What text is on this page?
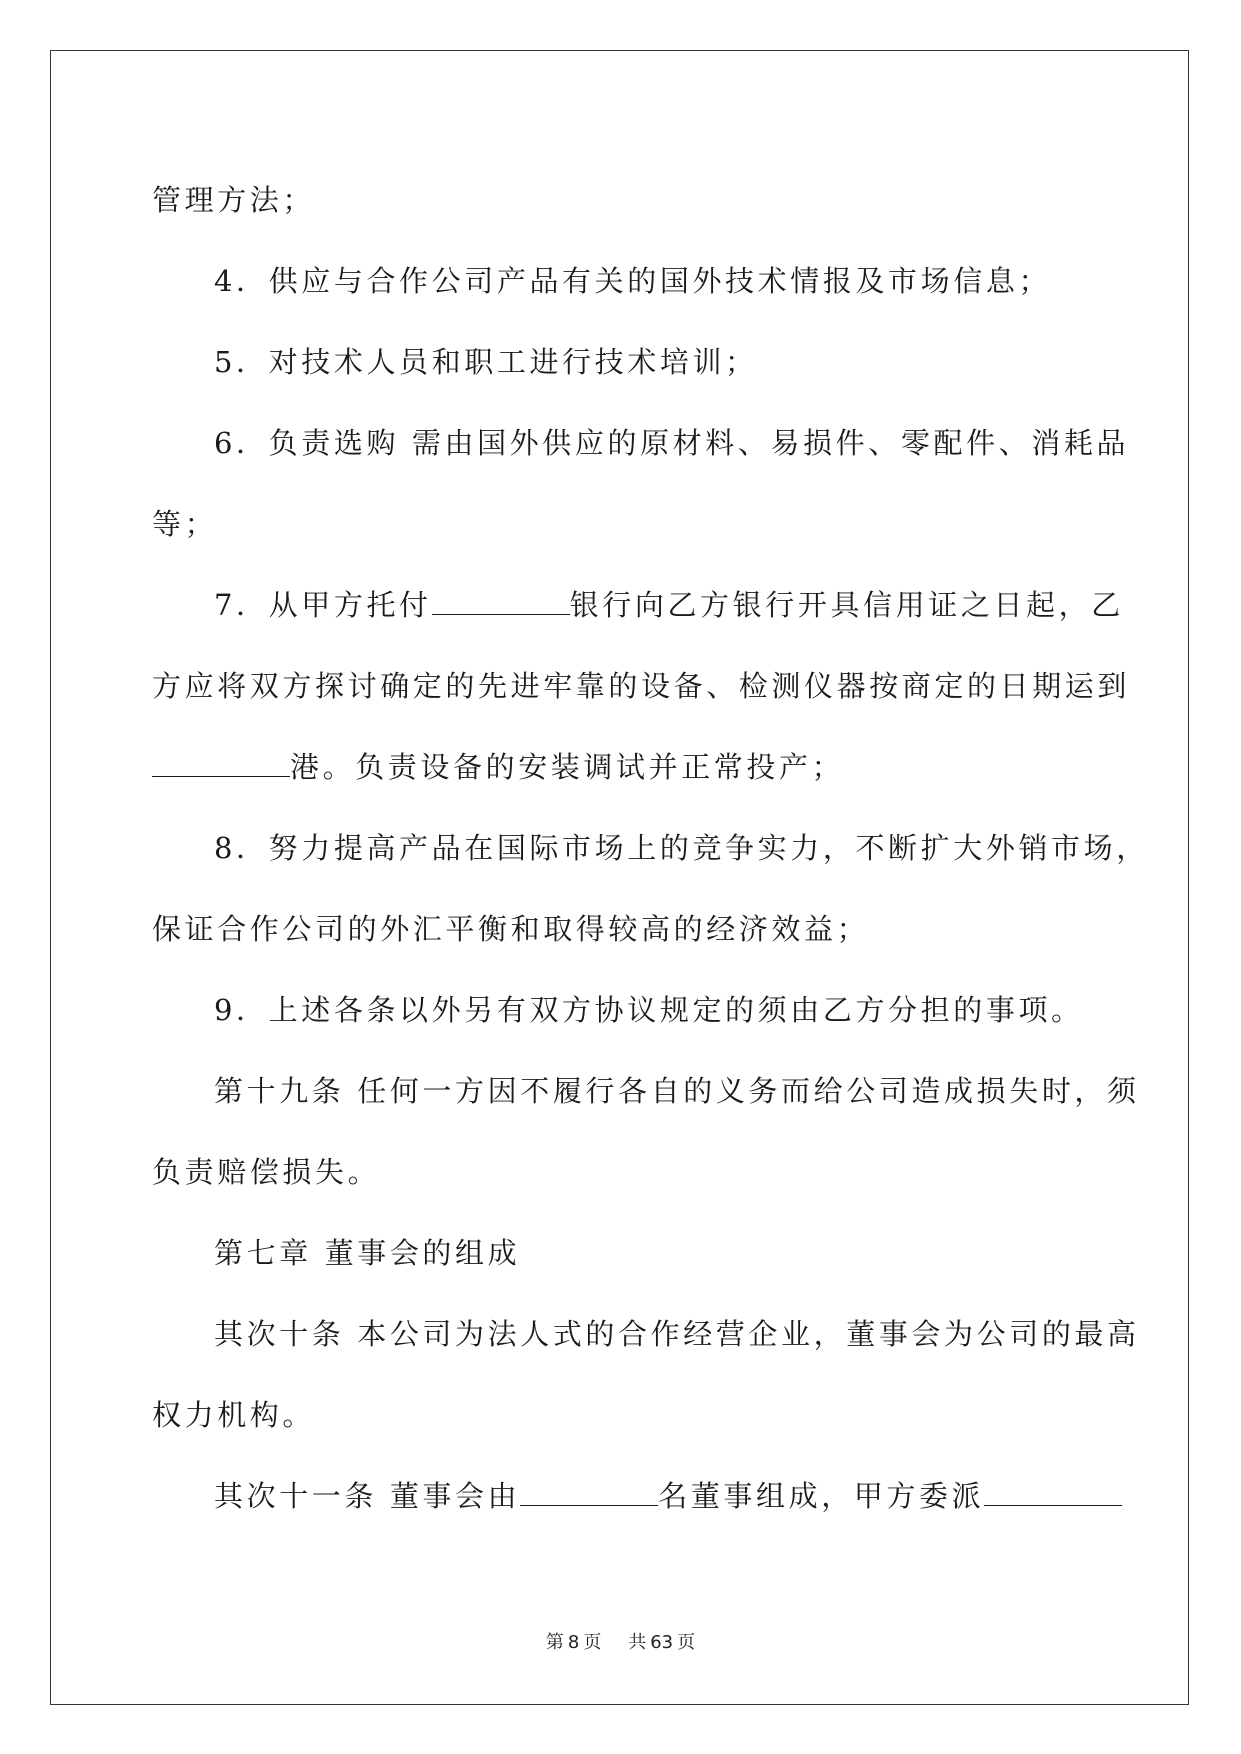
管理方法；

4．供应与合作公司产品有关的国外技术情报及市场信息；

5．对技术人员和职工进行技术培训；

6．负责选购 需由国外供应的原材料、易损件、零配件、消耗品
等；

7．从甲方托付	银行向乙方银行开具信用证之日起，乙
方应将双方探讨确定的先进牢靠的设备、检测仪器按商定的日期运到
港。负责设备的安装调试并正常投产；

8．努力提高产品在国际市场上的竞争实力，不断扩大外销市场，
保证合作公司的外汇平衡和取得较高的经济效益；

9．上述各条以外另有双方协议规定的须由乙方分担的事项。

第十九条 任何一方因不履行各自的义务而给公司造成损失时，须
负责赔偿损失。

第七章 董事会的组成

其次十条 本公司为法人式的合作经营企业，董事会为公司的最高
权力机构。

其次十一条 董事会由	名董事组成，甲方委派

第 8 页 共 63 页
